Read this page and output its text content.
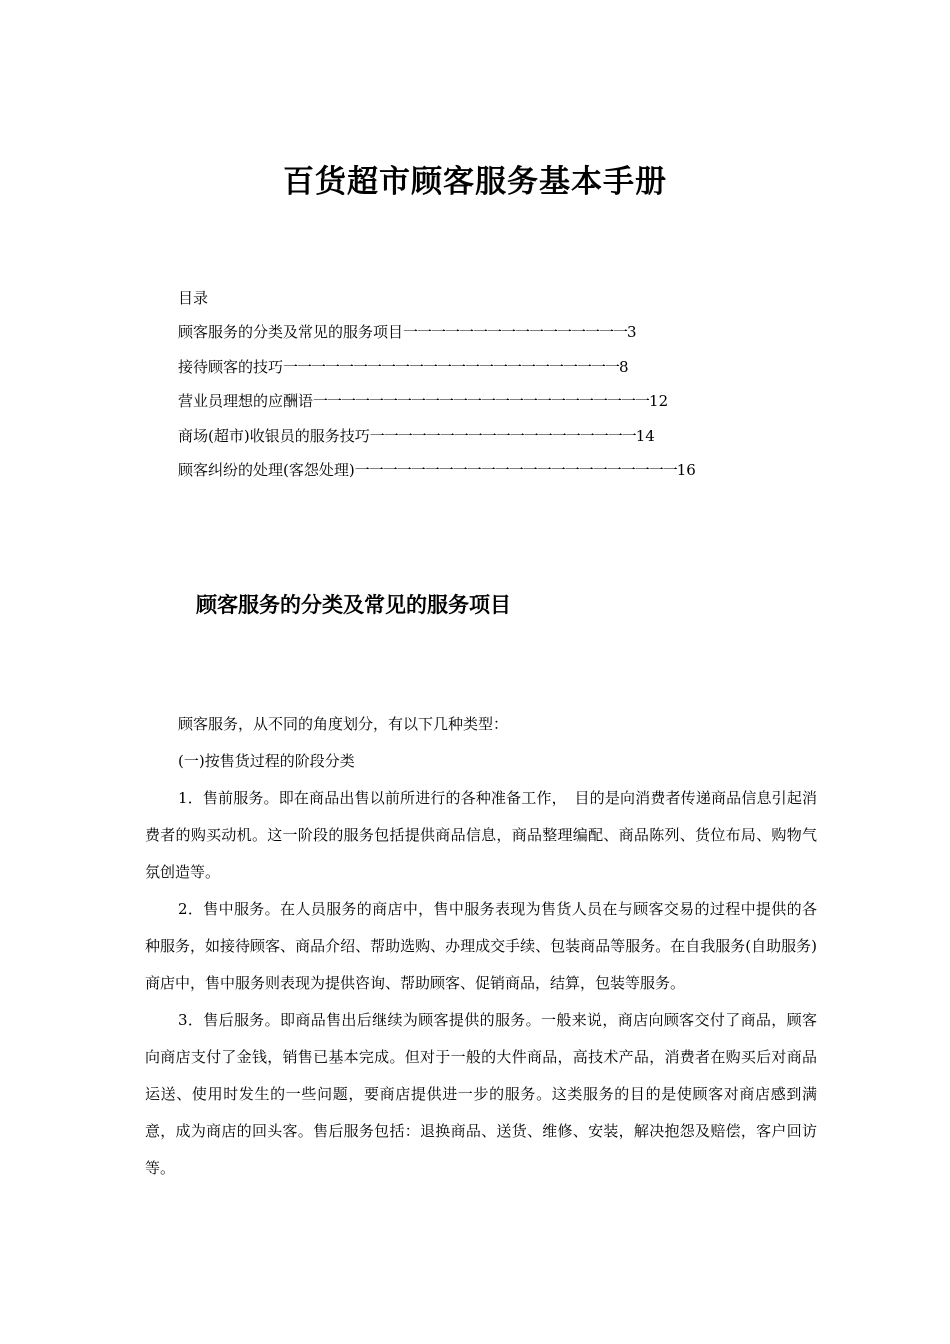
百货超市顾客服务基本手册
目录
顾客服务的分类及常见的服务项目一一一一一一一一一一一一一一一一3
接待顾客的技巧一一一一一一一一一一一一一一一一一一一一一一一一8
营业员理想的应酬语一一一一一一一一一一一一一一一一一一一一一一一一12
商场(超市)收银员的服务技巧一一一一一一一一一一一一一一一一一一一14
顾客纠纷的处理(客怨处理)一一一一一一一一一一一一一一一一一一一一一一一16
顾客服务的分类及常见的服务项目

顾客服务，从不同的角度划分，有以下几种类型：

(一)按售货过程的阶段分类

1．售前服务。即在商品出售以前所进行的各种准备工作，　目的是向消费者传递商品信息引起消费者的购买动机。这一阶段的服务包括提供商品信息，商品整理编配、商品陈列、货位布局、购物气氛创造等。

2．售中服务。在人员服务的商店中，售中服务表现为售货人员在与顾客交易的过程中提供的各种服务，如接待顾客、商品介绍、帮助选购、办理成交手续、包装商品等服务。在自我服务(自助服务)商店中，售中服务则表现为提供咨询、帮助顾客、促销商品，结算，包装等服务。

3．售后服务。即商品售出后继续为顾客提供的服务。一般来说，商店向顾客交付了商品，顾客向商店支付了金钱，销售已基本完成。但对于一般的大件商品，高技术产品，消费者在购买后对商品运送、使用时发生的一些问题，要商店提供进一步的服务。这类服务的目的是使顾客对商店感到满意，成为商店的回头客。售后服务包括：退换商品、送货、维修、安装，解决抱怨及赔偿，客户回访等。
